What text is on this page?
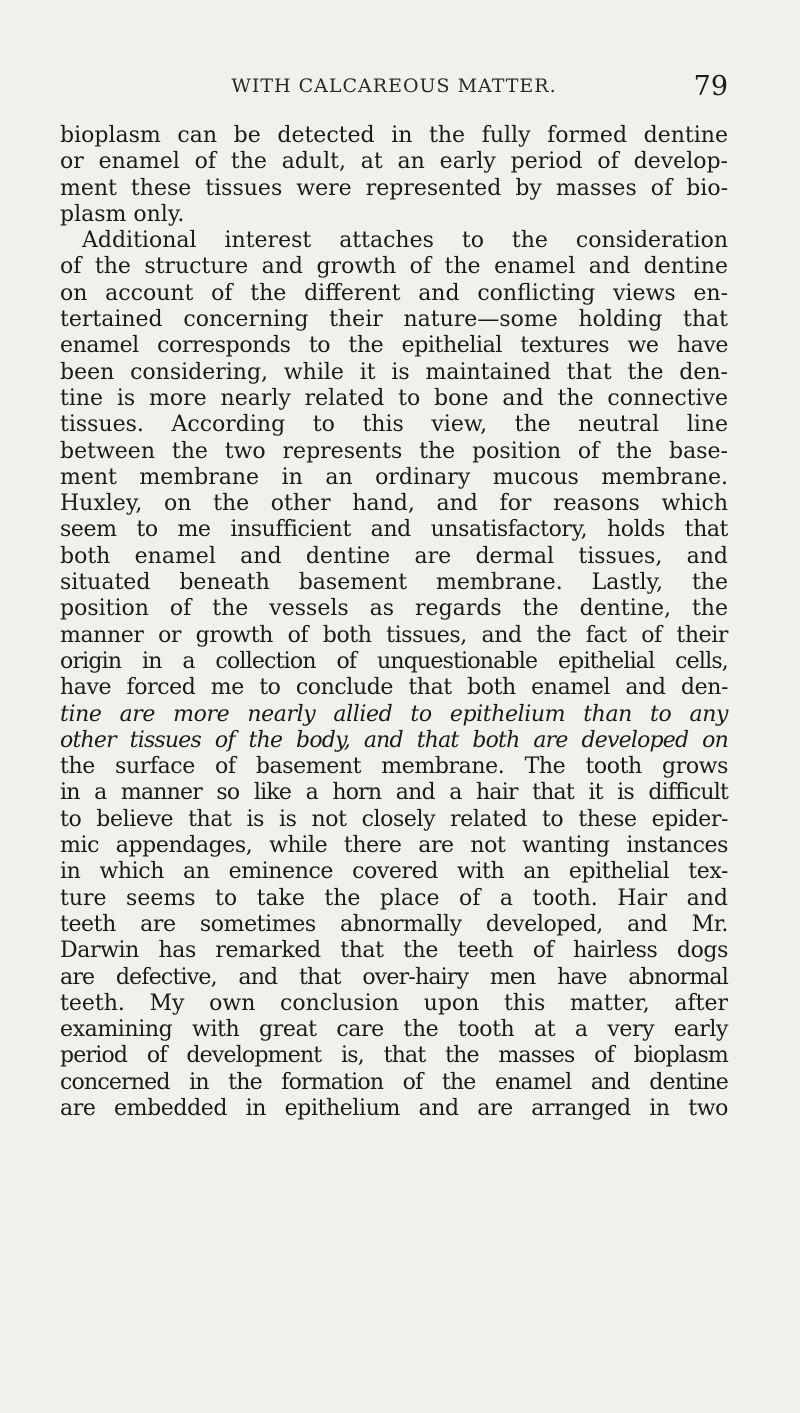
WITH CALCAREOUS MATTER.	79
bioplasm can be detected in the fully formed dentine
or enamel of the adult, at an early period of develop-
ment these tissues were represented by masses of bio-
plasm only.
Additional interest attaches to the consideration
of the structure and growth of the enamel and dentine
on account of the different and conflicting views en-
tertained concerning their nature—some holding that
enamel corresponds to the epithelial textures we have
been considering, while it is maintained that the den-
tine is more nearly related to bone and the connective
tissues. According to this view, the neutral line
between the two represents the position of the base-
ment membrane in an ordinary mucous membrane.
Huxley, on the other hand, and for reasons which
seem to me insufficient and unsatisfactory, holds that
both enamel and dentine are dermal tissues, and
situated beneath basement membrane. Lastly, the
position of the vessels as regards the dentine, the
manner or growth of both tissues, and the fact of their
origin in a collection of unquestionable epithelial cells,
have forced me to conclude that both enamel and den-
tine are more nearly allied to epithelium than to any
other tissues of the body, and that both are developed on
the surface of basement membrane. The tooth grows
in a manner so like a horn and a hair that it is difficult
to believe that is is not closely related to these epider-
mic appendages, while there are not wanting instances
in which an eminence covered with an epithelial tex-
ture seems to take the place of a tooth. Hair and
teeth are sometimes abnormally developed, and Mr.
Darwin has remarked that the teeth of hairless dogs
are defective, and that over-hairy men have abnormal
teeth. My own conclusion upon this matter, after
examining with great care the tooth at a very early
period of development is, that the masses of bioplasm
concerned in the formation of the enamel and dentine
are embedded in epithelium and are arranged in two
